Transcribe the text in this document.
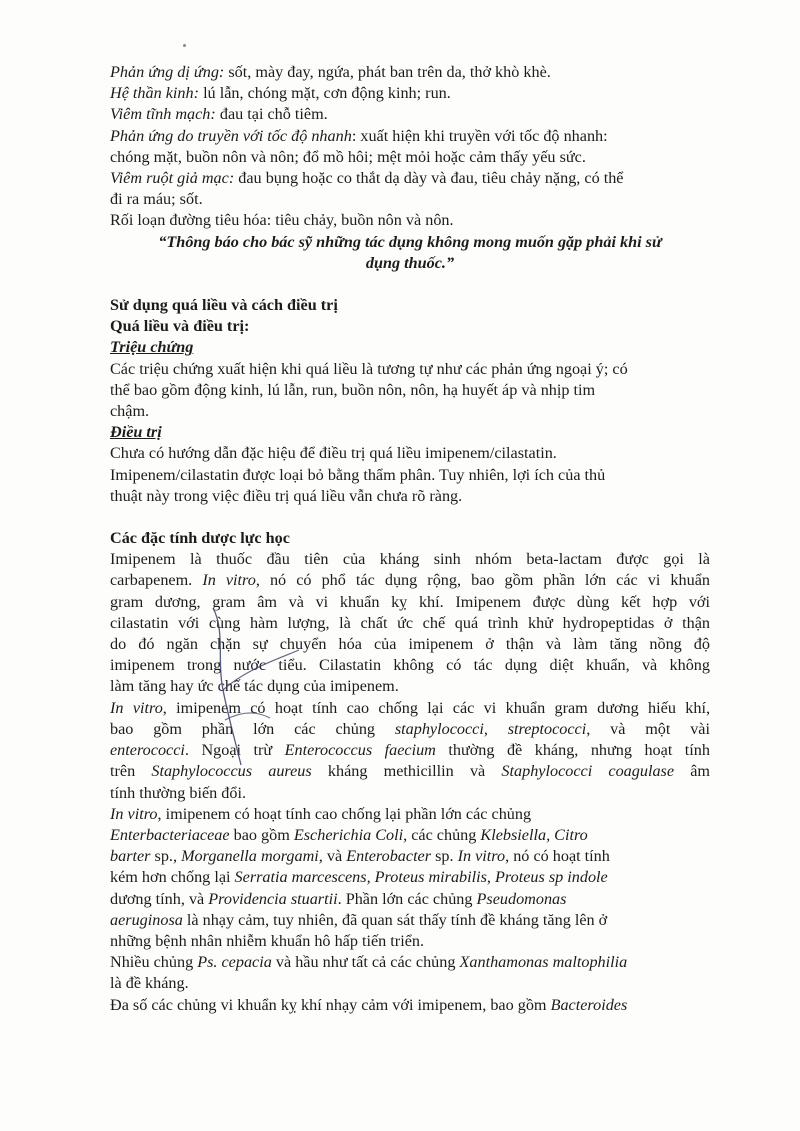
Phản ứng dị ứng: sốt, mày đay, ngứa, phát ban trên da, thở khò khè.
Hệ thần kinh: lú lẫn, chóng mặt, cơn động kinh; run.
Viêm tĩnh mạch: đau tại chỗ tiêm.
Phản ứng do truyền với tốc độ nhanh: xuất hiện khi truyền với tốc độ nhanh:
chóng mặt, buồn nôn và nôn; đổ mồ hôi; mệt mỏi hoặc cảm thấy yếu sức.
Viêm ruột giả mạc: đau bụng hoặc co thắt dạ dày và đau, tiêu chảy nặng, có thể
đi ra máu; sốt.
Rối loạn đường tiêu hóa: tiêu chảy, buồn nôn và nôn.
“Thông báo cho bác sỹ những tác dụng không mong muốn gặp phải khi sử
dụng thuốc.”
Sử dụng quá liều và cách điều trị
Quá liều và điều trị:
Triệu chứng
Các triệu chứng xuất hiện khi quá liều là tương tự như các phản ứng ngoại ý; có
thể bao gồm động kinh, lú lẫn, run, buồn nôn, nôn, hạ huyết áp và nhịp tim
chậm.
Điều trị
Chưa có hướng dẫn đặc hiệu để điều trị quá liều imipenem/cilastatin.
Imipenem/cilastatin được loại bỏ bằng thẩm phân. Tuy nhiên, lợi ích của thủ
thuật này trong việc điều trị quá liều vẫn chưa rõ ràng.
Các đặc tính dược lực học
Imipenem là thuốc đầu tiên của kháng sinh nhóm beta-lactam được gọi là
carbapenem. In vitro, nó có phổ tác dụng rộng, bao gồm phần lớn các vi khuẩn
gram dương, gram âm và vi khuẩn kỵ khí. Imipenem được dùng kết hợp với
cilastatin với cùng hàm lượng, là chất ức chế quá trình khử hydropeptidas ở thận
do đó ngăn chặn sự chuyển hóa của imipenem ở thận và làm tăng nồng độ
imipenem trong nước tiểu. Cilastatin không có tác dụng diệt khuẩn, và không
làm tăng hay ức chế tác dụng của imipenem.
In vitro, imipenem có hoạt tính cao chống lại các vi khuẩn gram dương hiếu khí,
bao gồm phần lớn các chủng staphylococci, streptococci, và một vài
enterococci. Ngoại trừ Enterococcus faecium thường đề kháng, nhưng hoạt tính
trên Staphylococcus aureus kháng methicillin và Staphylococci coagulase âm
tính thường biến đổi.
In vitro, imipenem có hoạt tính cao chống lại phần lớn các chủng
Enterbacteriaceae bao gồm Escherichia Coli, các chủng Klebsiella, Citro
barter sp., Morganella morgami, và Enterobacter sp. In vitro, nó có hoạt tính
kém hơn chống lại Serratia marcescens, Proteus mirabilis, Proteus sp indole
dương tính, và Providencia stuartii. Phần lớn các chủng Pseudomonas
aeruginosa là nhạy cảm, tuy nhiên, đã quan sát thấy tính đề kháng tăng lên ở
những bệnh nhân nhiễm khuẩn hô hấp tiến triển.
Nhiều chủng Ps. cepacia và hầu như tất cả các chủng Xanthamonas maltophilia
là đề kháng.
Đa số các chủng vi khuẩn kỵ khí nhạy cảm với imipenem, bao gồm Bacteroides
